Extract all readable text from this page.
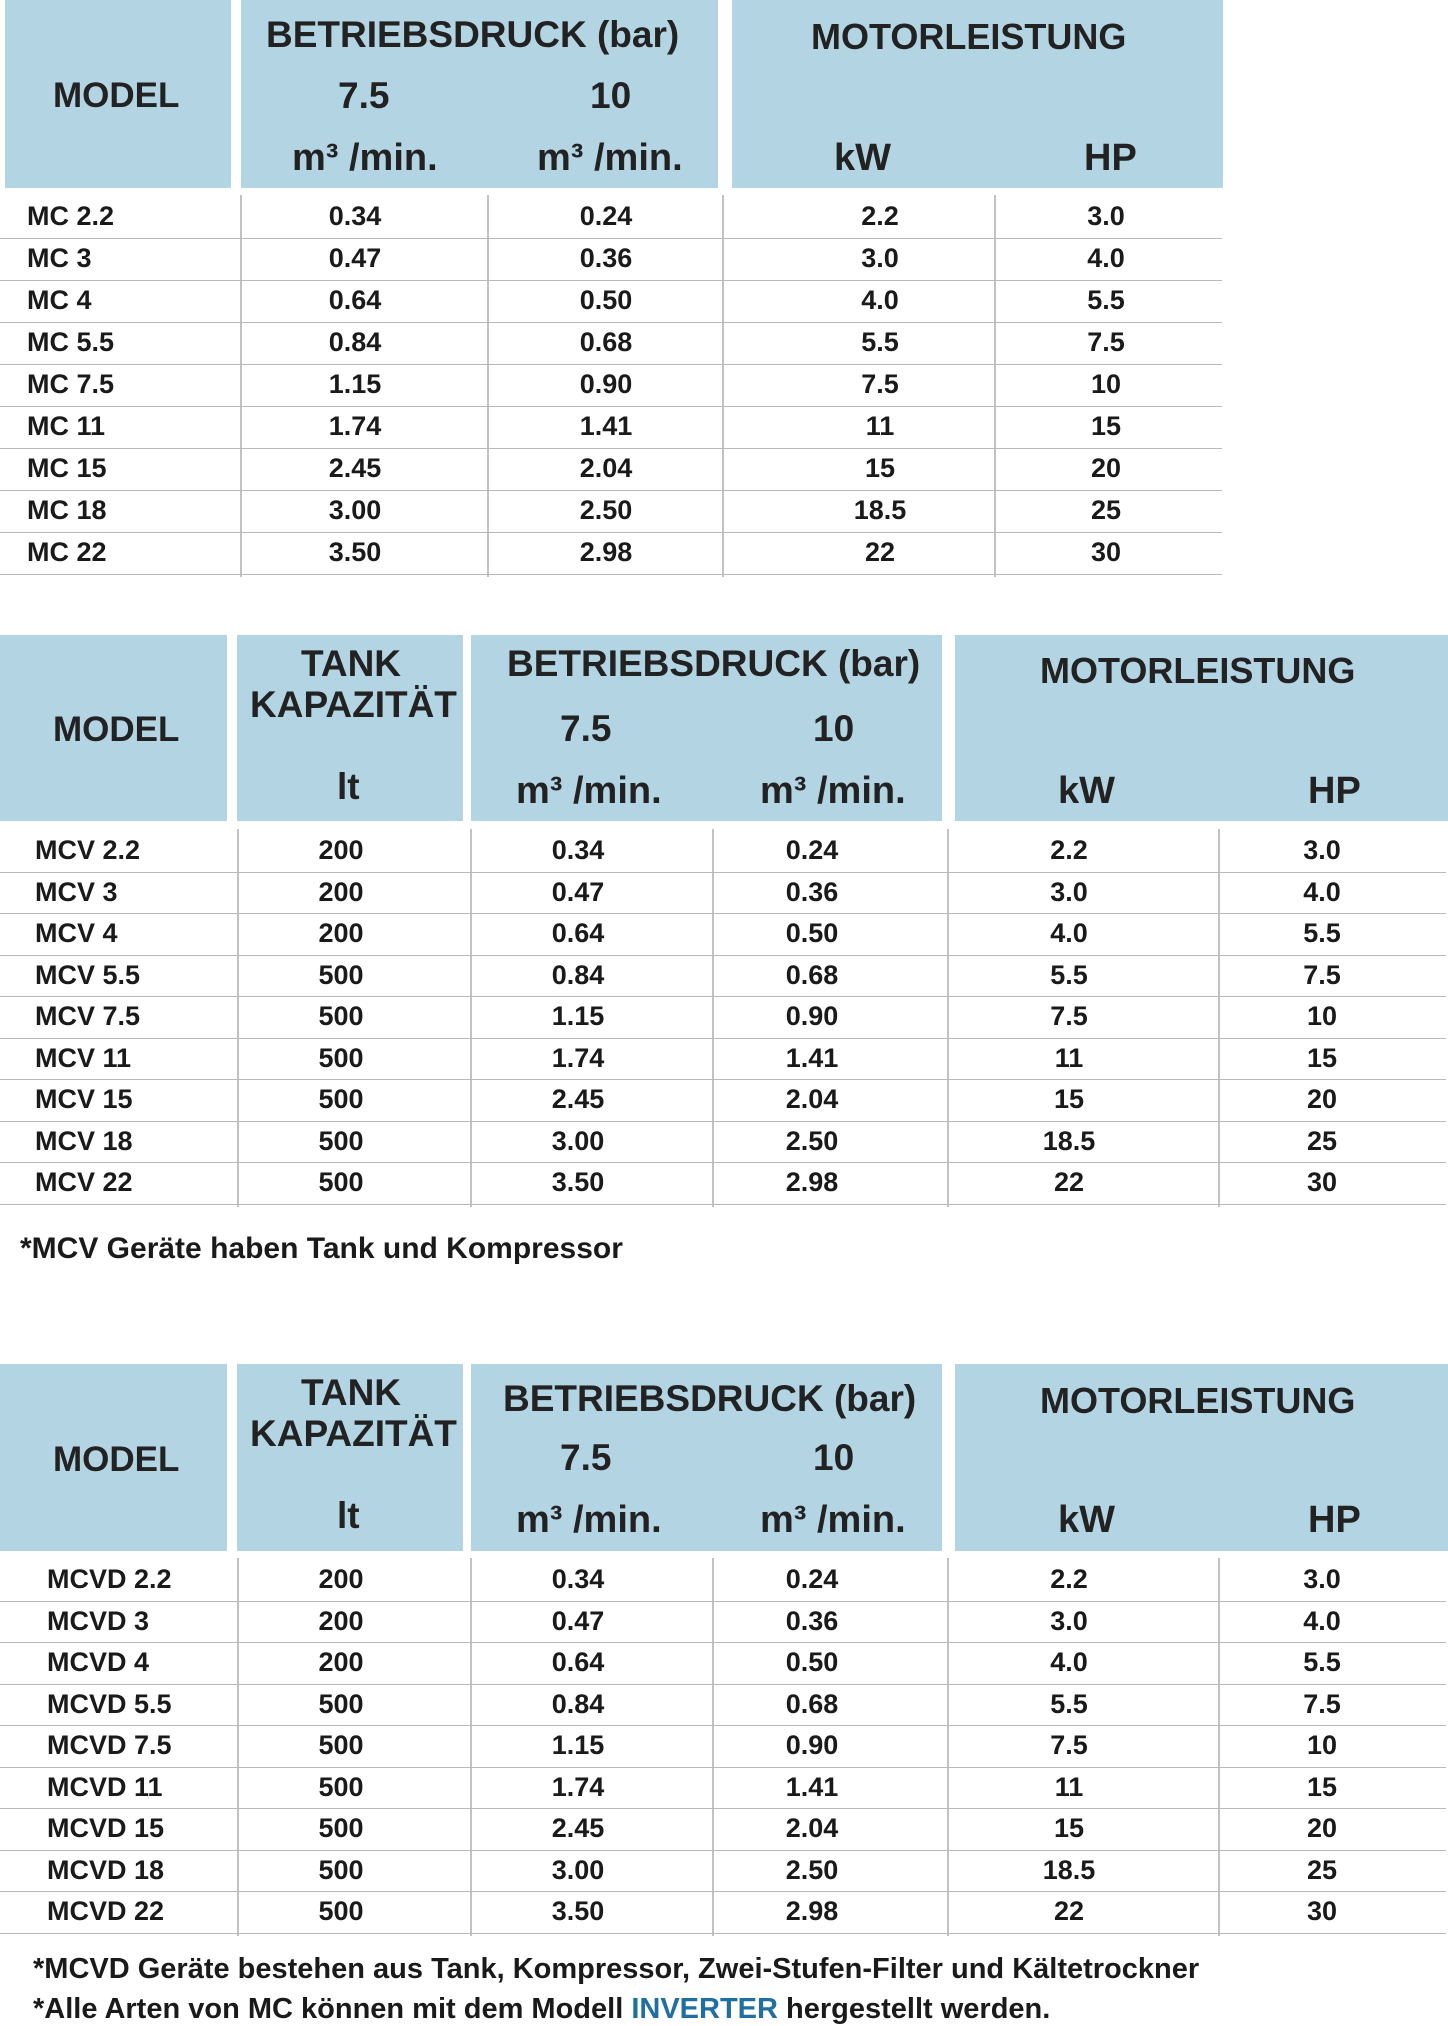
MODEL
BETRIEBSDRUCK (bar)
7.5	10
m³ /min.	m³ /min.
MOTORLEISTUNG
kW	HP
MC 2.2	0.34	0.24	2.2	3.0
MC 3	0.47	0.36	3.0	4.0
MC 4	0.64	0.50	4.0	5.5
MC 5.5	0.84	0.68	5.5	7.5
MC 7.5	1.15	0.90	7.5	10
MC 11	1.74	1.41	11	15
MC 15	2.45	2.04	15	20
MC 18	3.00	2.50	18.5	25
MC 22	3.50	2.98	22	30
MODEL
TANK
KAPAZITÄT
lt
BETRIEBSDRUCK (bar)
7.5	10
m³ /min.	m³ /min.
MOTORLEISTUNG
kW	HP
MCV 2.2	200	0.34	0.24	2.2	3.0
MCV 3	200	0.47	0.36	3.0	4.0
MCV 4	200	0.64	0.50	4.0	5.5
MCV 5.5	500	0.84	0.68	5.5	7.5
MCV 7.5	500	1.15	0.90	7.5	10
MCV 11	500	1.74	1.41	11	15
MCV 15	500	2.45	2.04	15	20
MCV 18	500	3.00	2.50	18.5	25
MCV 22	500	3.50	2.98	22	30
*MCV Geräte haben Tank und Kompressor
MODEL
TANK
KAPAZITÄT
lt
BETRIEBSDRUCK (bar)
7.5	10
m³ /min.	m³ /min.
MOTORLEISTUNG
kW	HP
MCVD 2.2	200	0.34	0.24	2.2	3.0
MCVD 3	200	0.47	0.36	3.0	4.0
MCVD 4	200	0.64	0.50	4.0	5.5
MCVD 5.5	500	0.84	0.68	5.5	7.5
MCVD 7.5	500	1.15	0.90	7.5	10
MCVD 11	500	1.74	1.41	11	15
MCVD 15	500	2.45	2.04	15	20
MCVD 18	500	3.00	2.50	18.5	25
MCVD 22	500	3.50	2.98	22	30
*MCVD Geräte bestehen aus Tank, Kompressor, Zwei-Stufen-Filter und Kältetrockner
*Alle Arten von MC können mit dem Modell INVERTER hergestellt werden.
